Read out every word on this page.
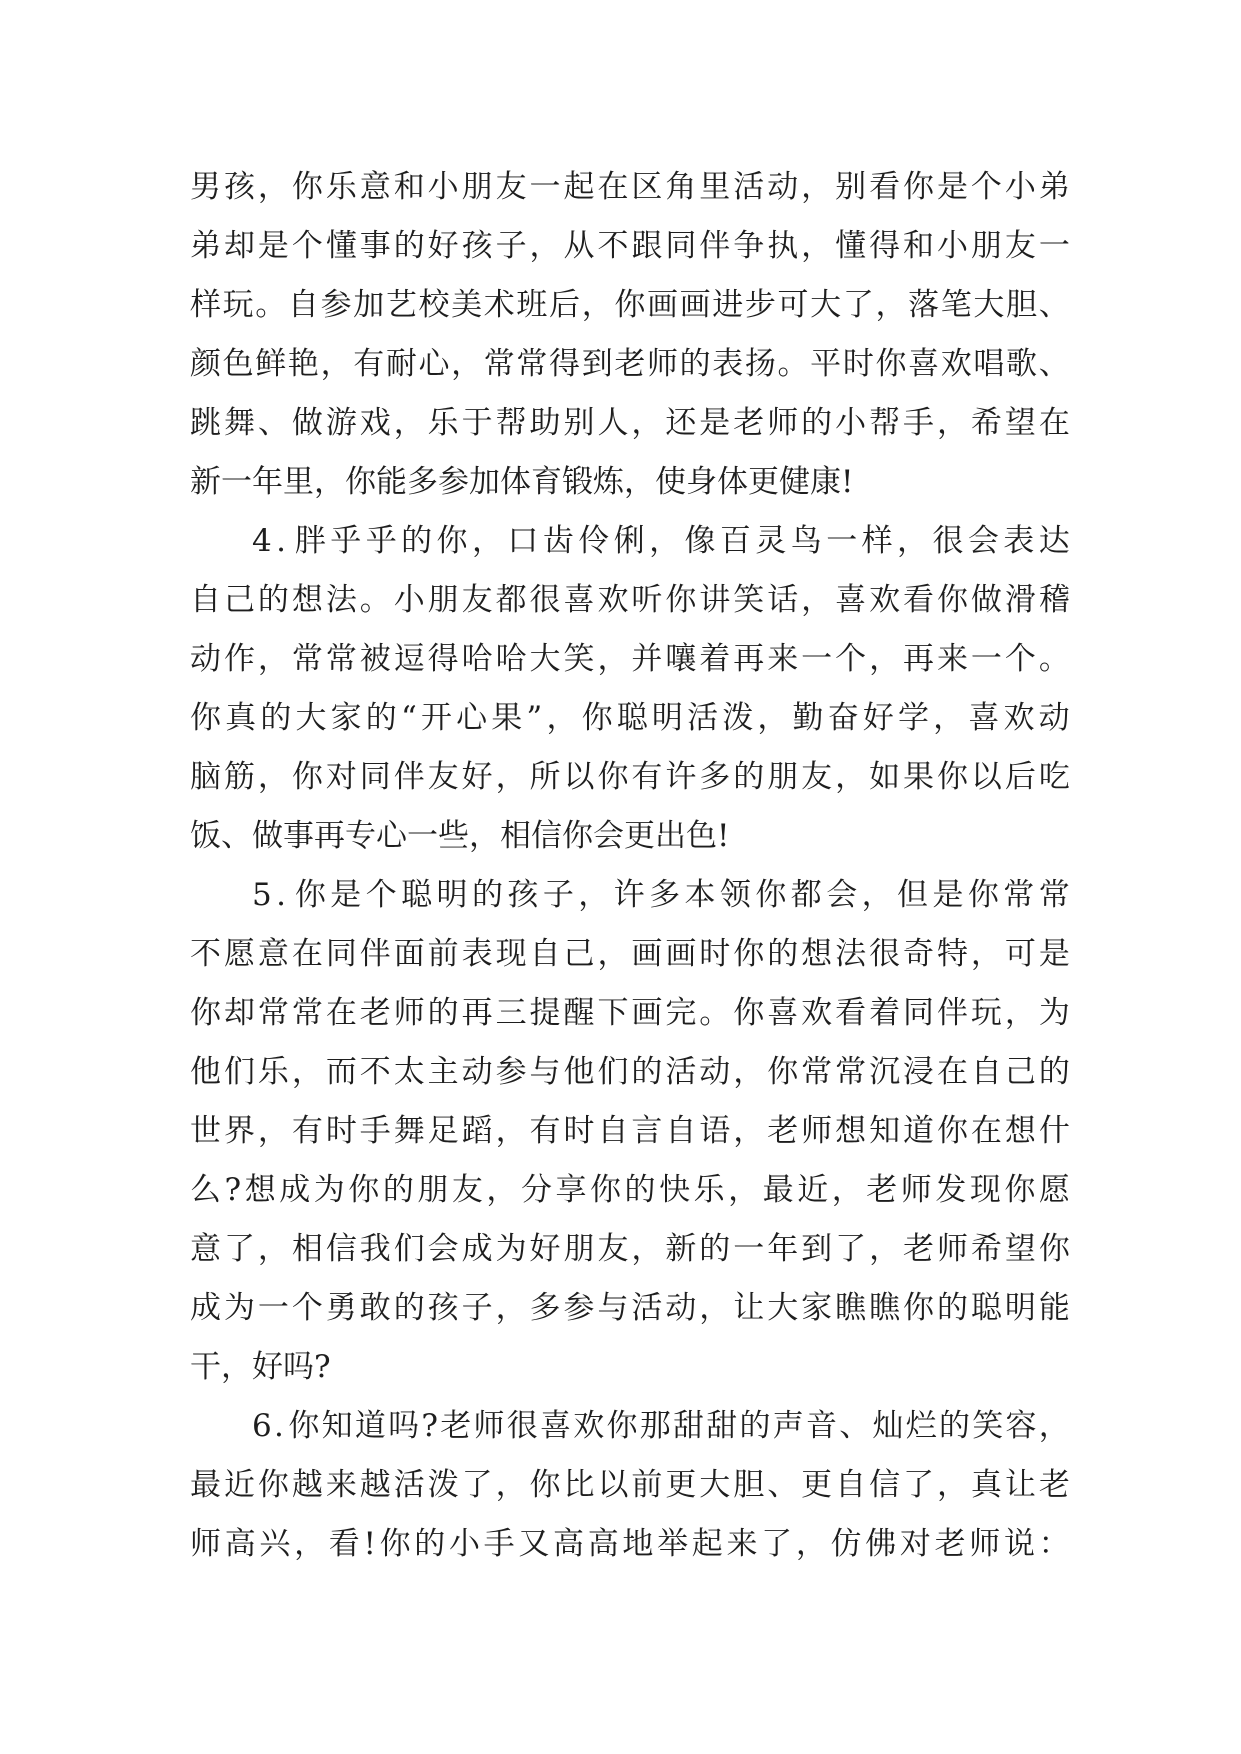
男 孩 ， 你 乐 意 和 小 朋 友 一 起 在 区 角 里 活 动 ， 别 看 你 是 个 小 弟
弟 却 是 个 懂 事 的 好 孩 子 ， 从 不 跟 同 伴 争 执 ， 懂 得 和 小 朋 友 一
样 玩 。 自 参 加 艺 校 美 术 班 后 ， 你 画 画 进 步 可 大 了 ， 落 笔 大 胆 、
颜 色 鲜 艳 ， 有 耐 心 ， 常 常 得 到 老 师 的 表 扬 。 平 时 你 喜 欢 唱 歌 、
跳 舞 、 做 游 戏 ， 乐 于 帮 助 别 人 ， 还 是 老 师 的 小 帮 手 ， 希 望 在
新一年里，你能多参加体育锻炼，使身体更健康!
4 . 胖 乎 乎 的 你 ， 口 齿 伶 俐 ， 像 百 灵 鸟 一 样 ， 很 会 表 达
自 己 的 想 法 。 小 朋 友 都 很 喜 欢 听 你 讲 笑 话 ， 喜 欢 看 你 做 滑 稽
动 作 ， 常 常 被 逗 得 哈 哈 大 笑 ， 并 嚷 着 再 来 一 个 ， 再 来 一 个 。
你 真 的 大 家 的 “ 开 心 果 ” ， 你 聪 明 活 泼 ， 勤 奋 好 学 ， 喜 欢 动
脑 筋 ， 你 对 同 伴 友 好 ， 所 以 你 有 许 多 的 朋 友 ， 如 果 你 以 后 吃
饭、做事再专心一些，相信你会更出色!
5 . 你 是 个 聪 明 的 孩 子 ， 许 多 本 领 你 都 会 ， 但 是 你 常 常
不 愿 意 在 同 伴 面 前 表 现 自 己 ， 画 画 时 你 的 想 法 很 奇 特 ， 可 是
你 却 常 常 在 老 师 的 再 三 提 醒 下 画 完 。 你 喜 欢 看 着 同 伴 玩 ， 为
他 们 乐 ， 而 不 太 主 动 参 与 他 们 的 活 动 ， 你 常 常 沉 浸 在 自 己 的
世 界 ， 有 时 手 舞 足 蹈 ， 有 时 自 言 自 语 ， 老 师 想 知 道 你 在 想 什
么 ? 想 成 为 你 的 朋 友 ， 分 享 你 的 快 乐 ， 最 近 ， 老 师 发 现 你 愿
意 了 ， 相 信 我 们 会 成 为 好 朋 友 ， 新 的 一 年 到 了 ， 老 师 希 望 你
成 为 一 个 勇 敢 的 孩 子 ， 多 参 与 活 动 ， 让 大 家 瞧 瞧 你 的 聪 明 能
干，好吗?
6 . 你 知 道 吗 ? 老 师 很 喜 欢 你 那 甜 甜 的 声 音 、 灿 烂 的 笑 容 ，
最 近 你 越 来 越 活 泼 了 ， 你 比 以 前 更 大 胆 、 更 自 信 了 ， 真 让 老
师 高 兴 ， 看 ! 你 的 小 手 又 高 高 地 举 起 来 了 ， 仿 佛 对 老 师 说 ：
